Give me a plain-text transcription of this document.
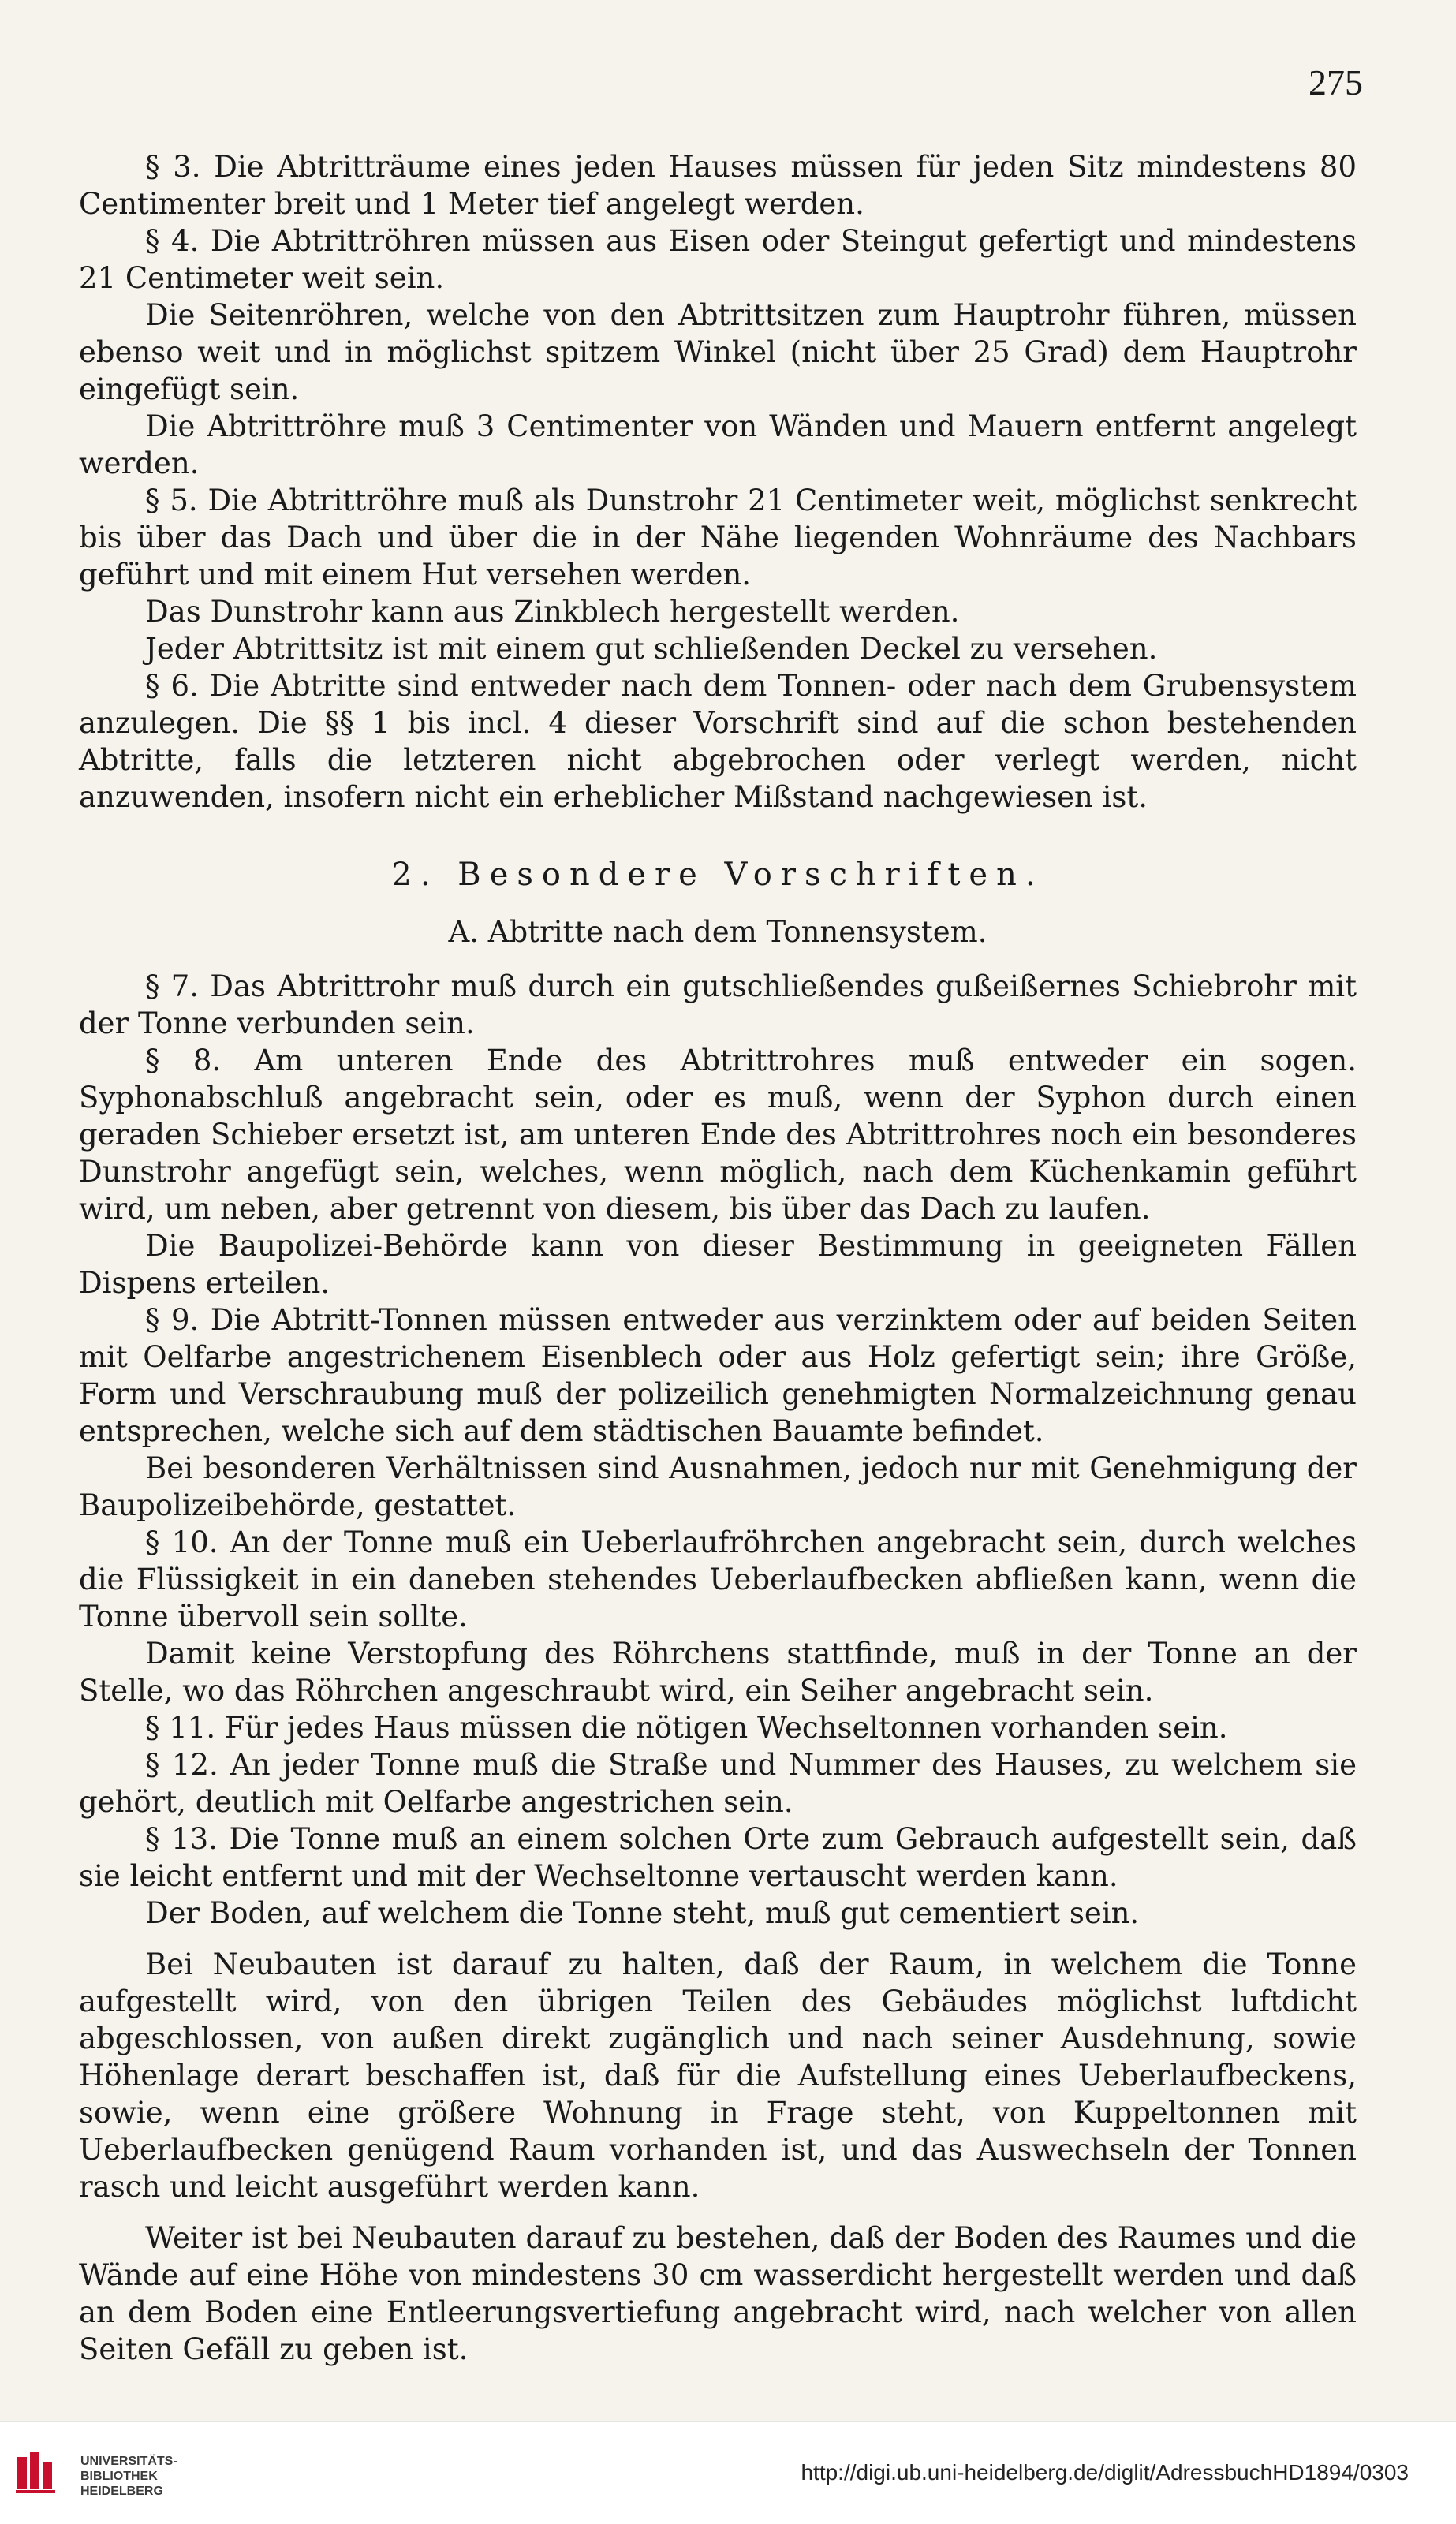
275

§ 3. Die Abtritträume eines jeden Hauses müssen für jeden Sitz mindestens 80 Centimenter breit und 1 Meter tief angelegt werden.

§ 4. Die Abtrittröhren müssen aus Eisen oder Steingut gefertigt und mindestens 21 Centimeter weit sein.

Die Seitenröhren, welche von den Abtrittsitzen zum Hauptrohr führen, müssen ebenso weit und in möglichst spitzem Winkel (nicht über 25 Grad) dem Hauptrohr eingefügt sein.

Die Abtrittröhre muß 3 Centimenter von Wänden und Mauern entfernt angelegt werden.

§ 5. Die Abtrittröhre muß als Dunstrohr 21 Centimeter weit, möglichst senkrecht bis über das Dach und über die in der Nähe liegenden Wohnräume des Nachbars geführt und mit einem Hut versehen werden.

Das Dunstrohr kann aus Zinkblech hergestellt werden.

Jeder Abtrittsitz ist mit einem gut schließenden Deckel zu versehen.

§ 6. Die Abtritte sind entweder nach dem Tonnen- oder nach dem Grubensystem anzulegen. Die §§ 1 bis incl. 4 dieser Vorschrift sind auf die schon bestehenden Abtritte, falls die letzteren nicht abgebrochen oder verlegt werden, nicht anzuwenden, insofern nicht ein erheblicher Mißstand nachgewiesen ist.

2. Besondere Vorschriften.
A. Abtritte nach dem Tonnensystem.

§ 7. Das Abtrittrohr muß durch ein gutschließendes gußeißernes Schiebrohr mit der Tonne verbunden sein.

§ 8. Am unteren Ende des Abtrittrohres muß entweder ein sogen. Syphonabschluß angebracht sein, oder es muß, wenn der Syphon durch einen geraden Schieber ersetzt ist, am unteren Ende des Abtrittrohres noch ein besonderes Dunstrohr angefügt sein, welches, wenn möglich, nach dem Küchenkamin geführt wird, um neben, aber getrennt von diesem, bis über das Dach zu laufen.

Die Baupolizei-Behörde kann von dieser Bestimmung in geeigneten Fällen Dispens erteilen.

§ 9. Die Abtritt-Tonnen müssen entweder aus verzinktem oder auf beiden Seiten mit Oelfarbe angestrichenem Eisenblech oder aus Holz gefertigt sein; ihre Größe, Form und Verschraubung muß der polizeilich genehmigten Normalzeichnung genau entsprechen, welche sich auf dem städtischen Bauamte befindet.

Bei besonderen Verhältnissen sind Ausnahmen, jedoch nur mit Genehmigung der Baupolizeibehörde, gestattet.

§ 10. An der Tonne muß ein Ueberlaufröhrchen angebracht sein, durch welches die Flüssigkeit in ein daneben stehendes Ueberlaufbecken abfließen kann, wenn die Tonne übervoll sein sollte.

Damit keine Verstopfung des Röhrchens stattfinde, muß in der Tonne an der Stelle, wo das Röhrchen angeschraubt wird, ein Seiher angebracht sein.

§ 11. Für jedes Haus müssen die nötigen Wechseltonnen vorhanden sein.

§ 12. An jeder Tonne muß die Straße und Nummer des Hauses, zu welchem sie gehört, deutlich mit Oelfarbe angestrichen sein.

§ 13. Die Tonne muß an einem solchen Orte zum Gebrauch aufgestellt sein, daß sie leicht entfernt und mit der Wechseltonne vertauscht werden kann.

Der Boden, auf welchem die Tonne steht, muß gut cementiert sein.

Bei Neubauten ist darauf zu halten, daß der Raum, in welchem die Tonne aufgestellt wird, von den übrigen Teilen des Gebäudes möglichst luftdicht abgeschlossen, von außen direkt zugänglich und nach seiner Ausdehnung, sowie Höhenlage derart beschaffen ist, daß für die Aufstellung eines Ueberlaufbeckens, sowie, wenn eine größere Wohnung in Frage steht, von Kuppeltonnen mit Ueberlaufbecken genügend Raum vorhanden ist, und das Auswechseln der Tonnen rasch und leicht ausgeführt werden kann.

Weiter ist bei Neubauten darauf zu bestehen, daß der Boden des Raumes und die Wände auf eine Höhe von mindestens 30 cm wasserdicht hergestellt werden und daß an dem Boden eine Entleerungsvertiefung angebracht wird, nach welcher von allen Seiten Gefäll zu geben ist.

UNIVERSITÄTS-
BIBLIOTHEK
HEIDELBERG
http://digi.ub.uni-heidelberg.de/diglit/AdressbuchHD1894/0303
